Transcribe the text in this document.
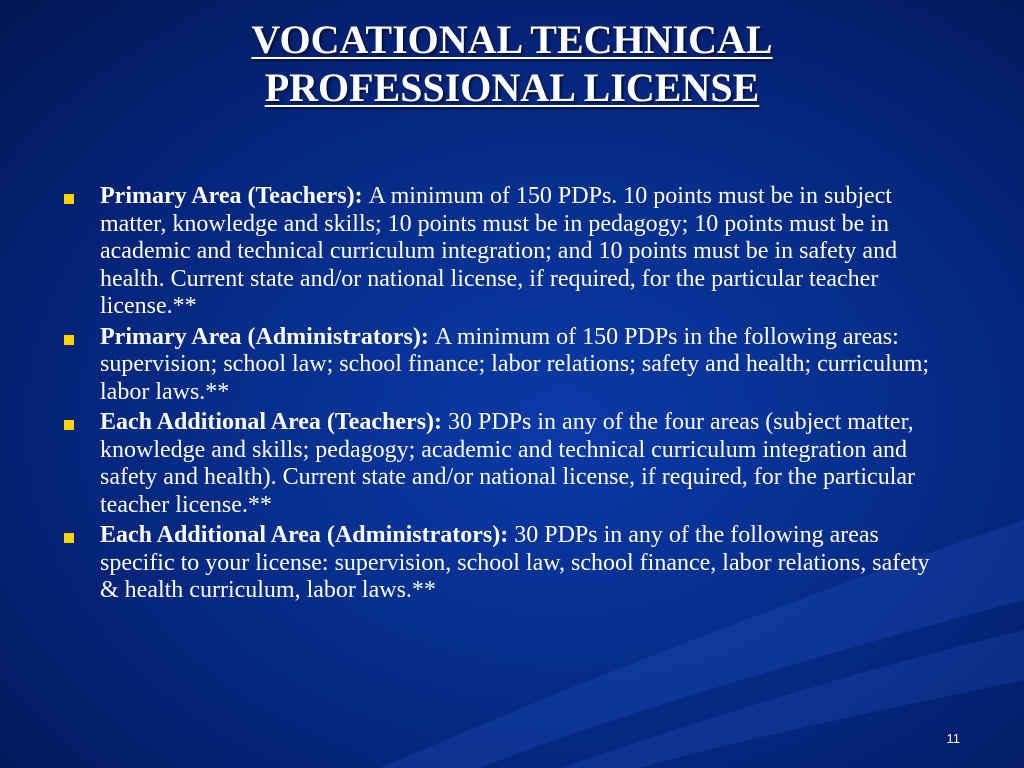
VOCATIONAL TECHNICAL
PROFESSIONAL LICENSE
Primary Area (Teachers): A minimum of 150 PDPs. 10 points must be in subject matter, knowledge and skills; 10 points must be in pedagogy; 10 points must be in academic and technical curriculum integration; and 10 points must be in safety and health. Current state and/or national license, if required, for the particular teacher license.**
Primary Area (Administrators): A minimum of 150 PDPs in the following areas: supervision; school law; school finance; labor relations; safety and health; curriculum; labor laws.**
Each Additional Area (Teachers): 30 PDPs in any of the four areas (subject matter, knowledge and skills; pedagogy; academic and technical curriculum integration and safety and health). Current state and/or national license, if required, for the particular teacher license.**
Each Additional Area (Administrators): 30 PDPs in any of the following areas specific to your license: supervision, school law, school finance, labor relations, safety & health curriculum, labor laws.**
11
